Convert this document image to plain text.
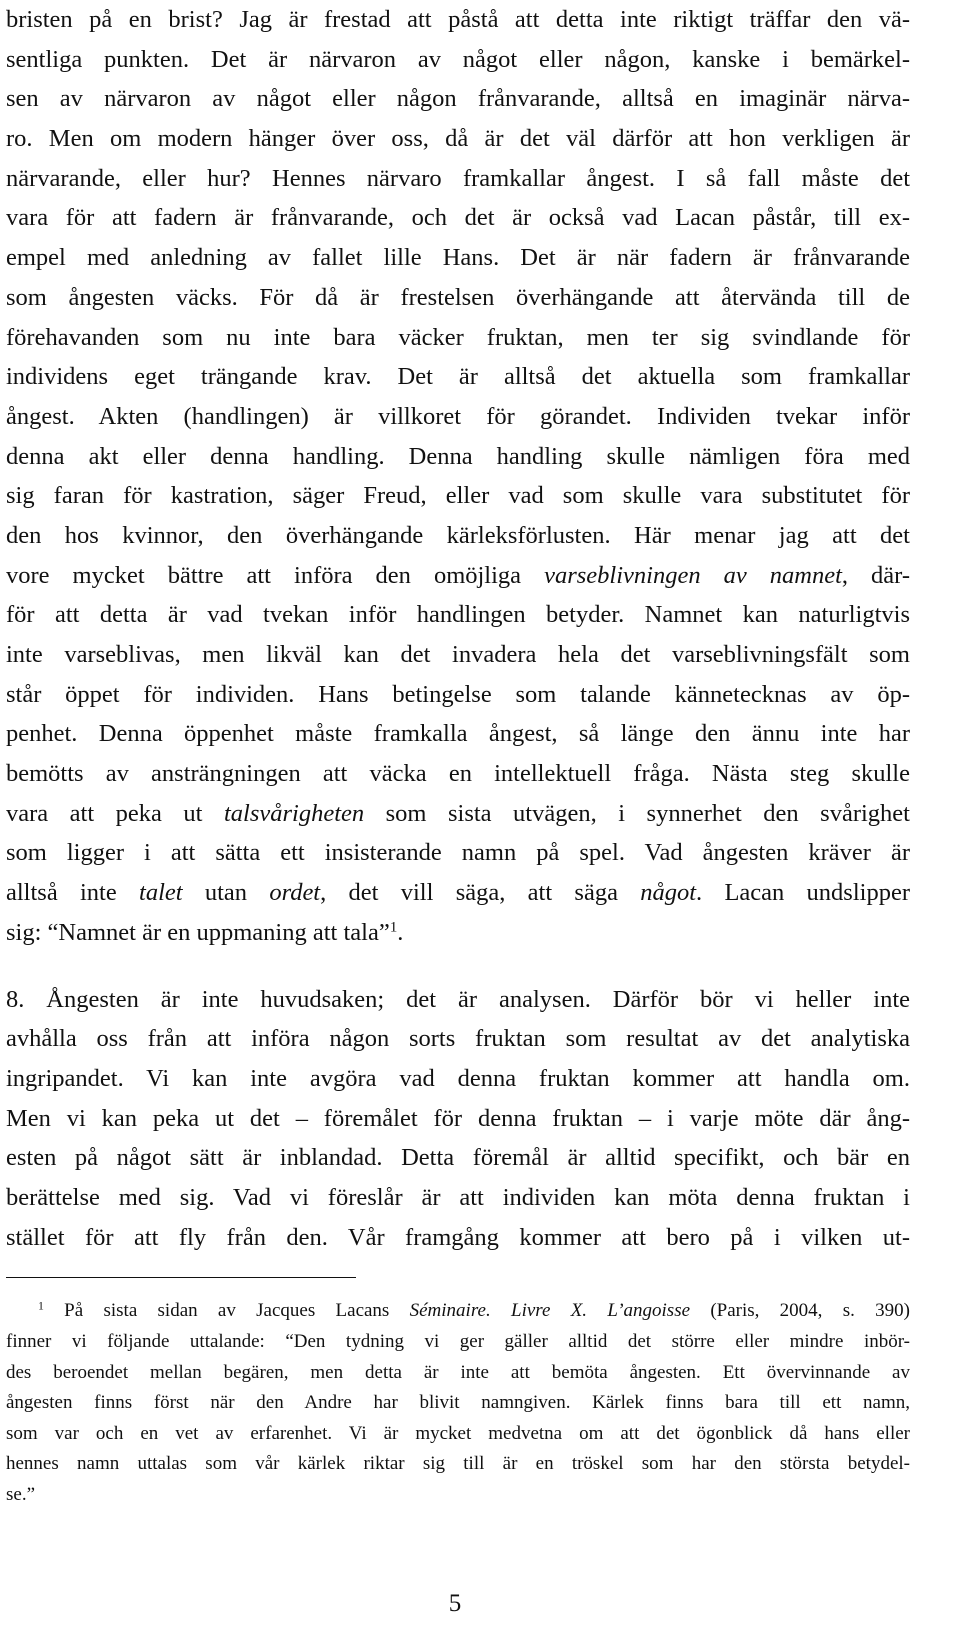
bristen på en brist? Jag är frestad att påstå att detta inte riktigt träffar den vä-
sentliga punkten. Det är närvaron av något eller någon, kanske i bemärkel-
sen av närvaron av något eller någon frånvarande, alltså en imaginär närva-
ro. Men om modern hänger över oss, då är det väl därför att hon verkligen är
närvarande, eller hur? Hennes närvaro framkallar ångest. I så fall måste det
vara för att fadern är frånvarande, och det är också vad Lacan påstår, till ex-
empel med anledning av fallet lille Hans. Det är när fadern är frånvarande
som ångesten väcks. För då är frestelsen överhängande att återvända till de
förehavanden som nu inte bara väcker fruktan, men ter sig svindlande för
individens eget trängande krav. Det är alltså det aktuella som framkallar
ångest. Akten (handlingen) är villkoret för görandet. Individen tvekar inför
denna akt eller denna handling. Denna handling skulle nämligen föra med
sig faran för kastration, säger Freud, eller vad som skulle vara substitutet för
den hos kvinnor, den överhängande kärleksförlusten. Här menar jag att det
vore mycket bättre att införa den omöjliga varseblivningen av namnet, där-
för att detta är vad tvekan inför handlingen betyder. Namnet kan naturligtvis
inte varseblivas, men likväl kan det invadera hela det varseblivningsfält som
står öppet för individen. Hans betingelse som talande kännetecknas av öp-
penhet. Denna öppenhet måste framkalla ångest, så länge den ännu inte har
bemötts av ansträngningen att väcka en intellektuell fråga. Nästa steg skulle
vara att peka ut talsvårigheten som sista utvägen, i synnerhet den svårighet
som ligger i att sätta ett insisterande namn på spel. Vad ångesten kräver är
alltså inte talet utan ordet, det vill säga, att säga något. Lacan undslipper
sig: “Namnet är en uppmaning att tala”$^1$.
8. Ångesten är inte huvudsaken; det är analysen. Därför bör vi heller inte
avhålla oss från att införa någon sorts fruktan som resultat av det analytiska
ingripandet. Vi kan inte avgöra vad denna fruktan kommer att handla om.
Men vi kan peka ut det – föremålet för denna fruktan – i varje möte där ång-
esten på något sätt är inblandad. Detta föremål är alltid specifikt, och bär en
berättelse med sig. Vad vi föreslår är att individen kan möta denna fruktan i
stället för att fly från den. Vår framgång kommer att bero på i vilken ut-
$^1$ På sista sidan av Jacques Lacans Séminaire. Livre X. L’angoisse (Paris, 2004, s. 390)
finner vi följande uttalande: “Den tydning vi ger gäller alltid det större eller mindre inbör-
des beroendet mellan begären, men detta är inte att bemöta ångesten. Ett övervinnande av
ångesten finns först när den Andre har blivit namngiven. Kärlek finns bara till ett namn,
som var och en vet av erfarenhet. Vi är mycket medvetna om att det ögonblick då hans eller
hennes namn uttalas som vår kärlek riktar sig till är en tröskel som har den största betydel-
se.”
5
